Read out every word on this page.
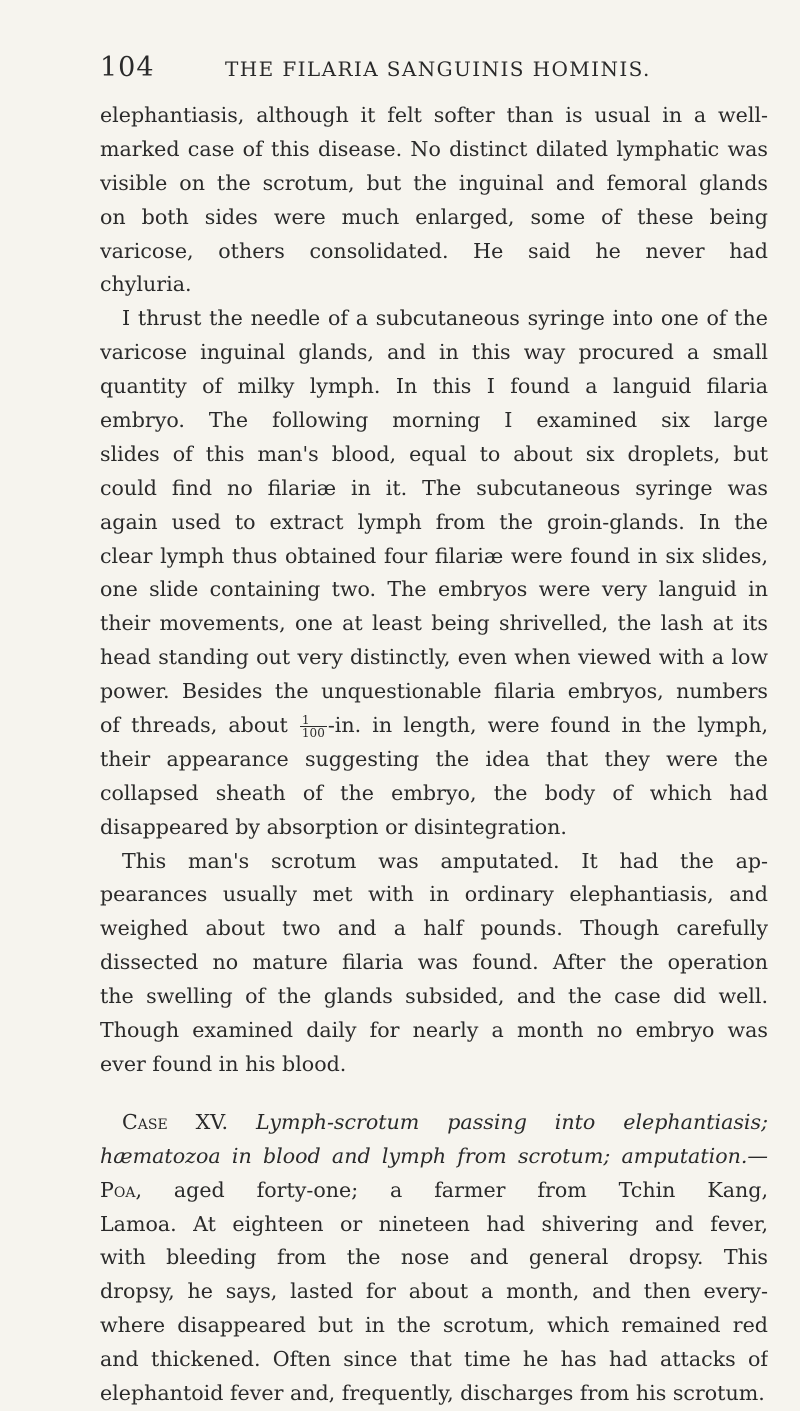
104	THE FILARIA SANGUINIS HOMINIS.
elephantiasis, although it felt softer than is usual in a well-
marked case of this disease. No distinct dilated lymphatic was
visible on the scrotum, but the inguinal and femoral glands
on both sides were much enlarged, some of these being
varicose, others consolidated. He said he never had
chyluria.
I thrust the needle of a subcutaneous syringe into one of the
varicose inguinal glands, and in this way procured a small
quantity of milky lymph. In this I found a languid filaria
embryo. The following morning I examined six large
slides of this man's blood, equal to about six droplets, but
could find no filariæ in it. The subcutaneous syringe was
again used to extract lymph from the groin-glands. In the
clear lymph thus obtained four filariæ were found in six slides,
one slide containing two. The embryos were very languid in
their movements, one at least being shrivelled, the lash at its
head standing out very distinctly, even when viewed with a low
power. Besides the unquestionable filaria embryos, numbers
of threads, about $\frac{1}{100} -in$. in length, were found in the lymph,
their appearance suggesting the idea that they were the
collapsed sheath of the embryo, the body of which had
disappeared by absorption or disintegration.
This man's scrotum was amputated. It had the ap-
pearances usually met with in ordinary elephantiasis, and
weighed about two and a half pounds. Though carefully
dissected no mature filaria was found. After the operation
the swelling of the glands subsided, and the case did well.
Though examined daily for nearly a month no embryo was
ever found in his blood.
Case XV. Lymph-scrotum passing into elephantiasis;
hæmatozoa in blood and lymph from scrotum; amputation.—
Poa, aged forty-one; a farmer from Tchin Kang,
Lamoa. At eighteen or nineteen had shivering and fever,
with bleeding from the nose and general dropsy. This
dropsy, he says, lasted for about a month, and then every-
where disappeared but in the scrotum, which remained red
and thickened. Often since that time he has had attacks of
elephantoid fever and, frequently, discharges from his scrotum.
